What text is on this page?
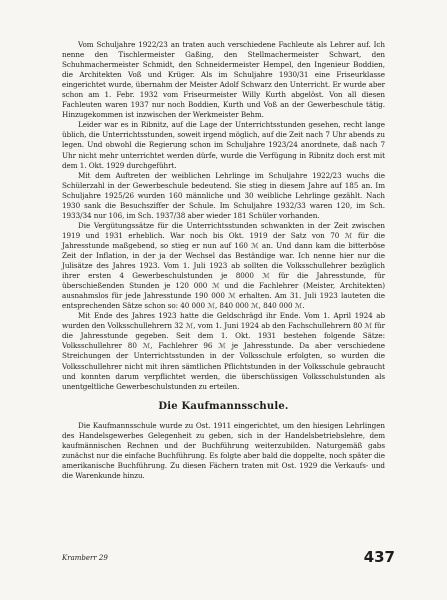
Vom Schuljahre 1922/23 an traten auch verschiedene Fachleute als Lehrer auf. Ich nenne den Tischlermeister Gaßing, den Stellmachermeister Schwart, den Schuhmachermeister Schmidt, den Schneidermeister Hempel, den Ingenieur Boddien, die Architekten Voß und Krüger. Als im Schuljahre 1930/31 eine Friseurklasse eingerichtet wurde, übernahm der Meister Adolf Schwarz den Unterricht. Er wurde aber schon am 1. Febr. 1932 vom Friseurmeister Willy Kurth abgelöst. Von all diesen Fachleuten waren 1937 nur noch Boddien, Kurth und Voß an der Gewerbeschule tätig. Hinzugekommen ist inzwischen der Werkmeister Behm.

Leider war es in Ribnitz, auf die Lage der Unterrichtsstunden gesehen, recht lange üblich, die Unterrichtsstunden, soweit irgend möglich, auf die Zeit nach 7 Uhr abends zu legen. Und obwohl die Regierung schon im Schuljahre 1923/24 anordnete, daß nach 7 Uhr nicht mehr unterrichtet werden dürfe, wurde die Verfügung in Ribnitz doch erst mit dem 1. Okt. 1929 durchgeführt.

Mit dem Auftreten der weiblichen Lehrlinge im Schuljahre 1922/23 wuchs die Schülerzahl in der Gewerbeschule bedeutend. Sie stieg in diesem Jahre auf 185 an. Im Schuljahre 1925/26 wurden 160 männliche und 30 weibliche Lehrlinge gezählt. Nach 1930 sank die Besuchsziffer der Schule. Im Schuljahre 1932/33 waren 120, im Sch. 1933/34 nur 106, im Sch. 1937/38 aber wieder 181 Schüler vorhanden.

Die Vergütungssätze für die Unterrichtsstunden schwankten in der Zeit zwischen 1919 und 1931 erheblich. War noch bis Okt. 1919 der Satz von 70 ℳ für die Jahresstunde maßgebend, so stieg er nun auf 160 ℳ an. Und dann kam die bitterböse Zeit der Inflation, in der ja der Wechsel das Beständige war. Ich nenne hier nur die Julisätze des Jahres 1923. Vom 1. Juli 1923 ab sollten die Volksschullehrer bezüglich ihrer ersten 4 Gewerbeschulstunden je 8000 ℳ für die Jahresstunde, für überschießenden Stunden je 120 000 ℳ und die Fachlehrer (Meister, Architekten) ausnahmslos für jede Jahresstunde 190 000 ℳ erhalten. Am 31. Juli 1923 lauteten die entsprechenden Sätze schon so: 40 000 ℳ, 840 000 ℳ, 840 000 ℳ.

Mit Ende des Jahres 1923 hatte die Geldschrägd ihr Ende. Vom 1. April 1924 ab wurden den Volksschullehrern 32 ℳ, vom 1. Juni 1924 ab den Fachschullehrern 80 ℳ für die Jahresstunde gegeben. Seit dem 1. Okt. 1931 bestehen folgende Sätze: Volksschullehrer 80 ℳ, Fachlehrer 96 ℳ je Jahresstunde. Da aber verschiedene Streichungen der Unterrichtsstunden in der Volksschule erfolgten, so wurden die Volksschullehrer nicht mit ihren sämtlichen Pflichtstunden in der Volksschule gebraucht und konnten darum verpflichtet werden, die überschüssigen Volksschulstunden als unentgeltliche Gewerbeschulstunden zu erteilen.

Die Kaufmannsschule.

Die Kaufmannsschule wurde zu Ost. 1911 eingerichtet, um den hiesigen Lehrlingen des Handelsgewerbes Gelegenheit zu geben, sich in der Handelsbetriebslehre, dem kaufmännischen Rechnen und der Buchführung weiterzubilden. Naturgemäß gabs zunächst nur die einfache Buchführung. Es folgte aber bald die doppelte, noch später die amerikanische Buchführung. Zu diesen Fächern traten mit Ost. 1929 die Verkaufs- und die Warenkunde hinzu.

Kramberr 29	437
